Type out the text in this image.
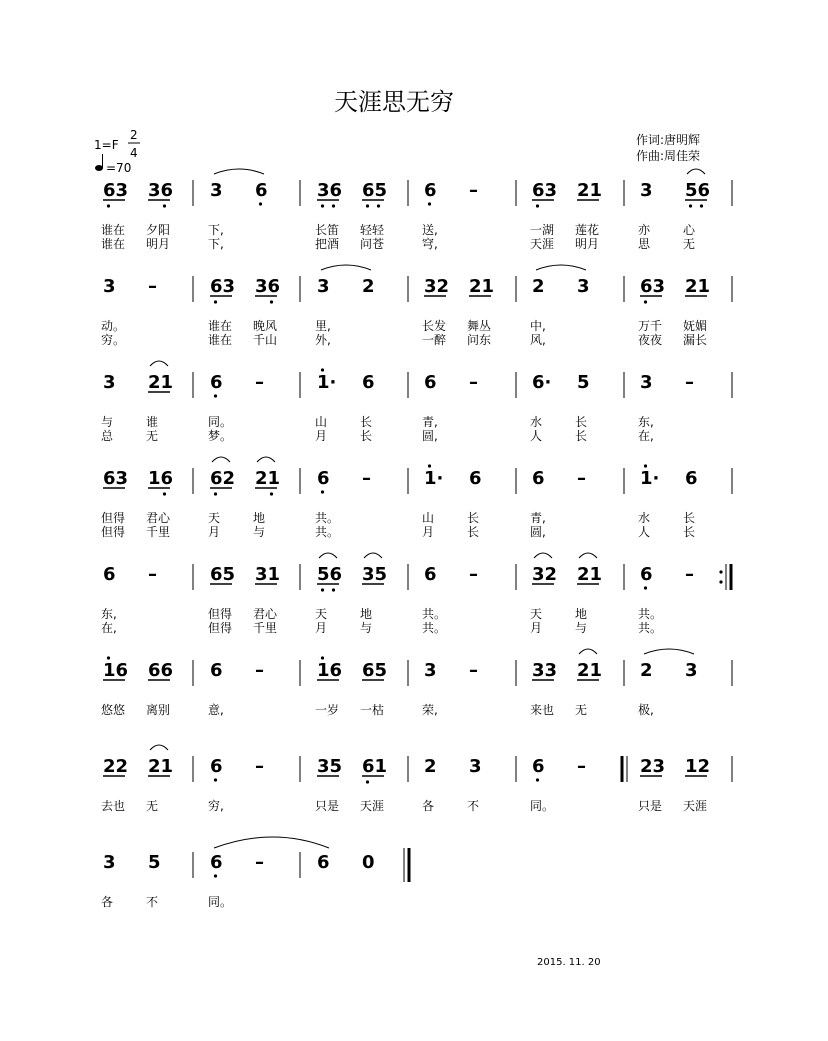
天涯思无穷
1=F
2
4
=70
作词:唐明辉
作曲:周佳荣
63 36
谁在 夕阳
谁在 明月
3 6
下,
下,
36 65
长笛 轻轻
把酒 问苍
6 –
送,
穹,
63 21
一湖 莲花
天涯 明月
3 56
亦	心
思	无
3 –
动。
穷。
63 36
谁在 晚风
谁在 千山
3 2
里,
外,
32 21
长发 舞丛
一醉 问东
2 3
中,
风,
63 21
万千 妩媚
夜夜 漏长
3 21
与	谁
总	无
6 –
同。
梦。
1· 6
山	长
月	长
6 –
青,
圆,
6· 5
水	长
人	长
3 –
东,
在,
63 16
但得 君心
但得 千里
62 21
天	地
月	与
6 –
共。
共。
1· 6
山	长
月	长
6 –
青,
圆,
1· 6
水	长
人	长
6 –
东,
在,
65 31
但得 君心
但得 千里
56 35
天	地
月	与
6 –
共。
共。
32 21
天	地
月	与
6 –
共。
共。
16 66
悠悠 离别
6 –
意,
16 65
一岁 一枯
3 –
荣,
33 21
来也 无
2 3
极,
22 21
去也 无
6 –
穷,
35 61
只是 天涯
2 3
各	不
6 –
同。
23 12
只是 天涯
3 5
各	不
6 –
同。
6 0
2015. 11. 20
